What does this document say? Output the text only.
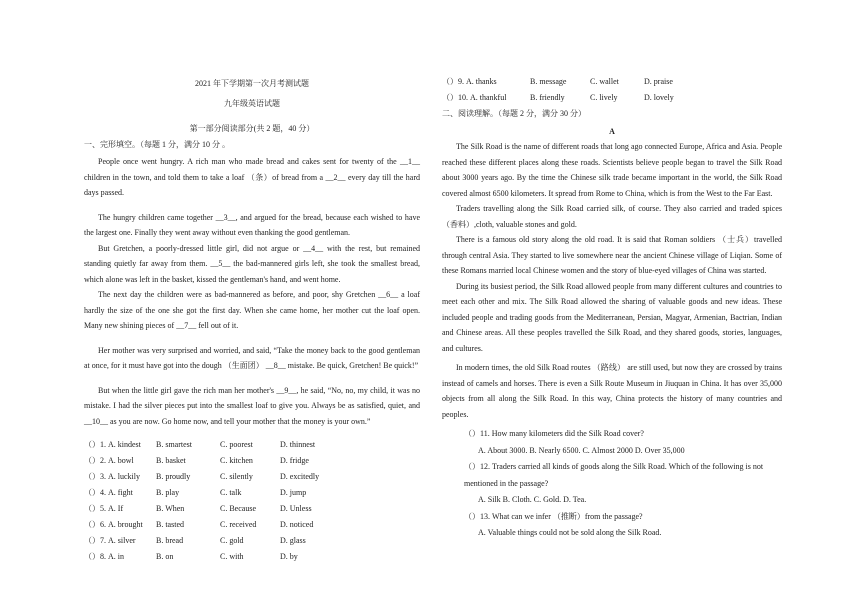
2021 年下学期第一次月考测试题
九年级英语试题
第一部分阅读部分(共 2 题，40 分）
一、完形填空。（每题 1 分，满分 10 分 。

People once went hungry. A rich man who made bread and cakes sent for twenty of the __1__ children in the town, and told them to take a loaf （条）of bread from a __2__ every day till the hard days passed.

The hungry children came together __3__, and argued for the bread, because each wished to have the largest one. Finally they went away without even thanking the good gentleman.

But Gretchen, a poorly-dressed little girl, did not argue or __4__ with the rest, but remained standing quietly far away from them. __5__ the bad-mannered girls left, she took the smallest bread, which alone was left in the basket, kissed the gentleman's hand, and went home.

The next day the children were as bad-mannered as before, and poor, shy Gretchen __6__ a loaf hardly the size of the one she got the first day. When she came home, her mother cut the loaf open. Many new shining pieces of __7__ fell out of it.

Her mother was very surprised and worried, and said, “Take the money back to the good gentleman at once, for it must have got into the dough （生面团） __8__ mistake. Be quick, Gretchen! Be quick!”

But when the little girl gave the rich man her mother's __9__, he said, “No, no, my child, it was no mistake. I had the silver pieces put into the smallest loaf to give you. Always be as satisfied, quiet, and __10__ as you are now. Go home now, and tell your mother that the money is your own.”

（）1. A. kindest	B. smartest	C. poorest	D. thinnest
（）2. A. bowl	B. basket	C. kitchen	D. fridge
（）3. A. luckily	B. proudly	C. silently	D. excitedly
（）4. A. fight	B. play	C. talk	D. jump
（）5. A. If	B. When	C. Because	D. Unless
（）6. A. brought	B. tasted	C. received	D. noticed
（）7. A. silver	B. bread	C. gold	D. glass
（）8. A. in	B. on	C. with	D. by
（）9. A. thanks	B. message	C. wallet	D. praise
（）10. A. thankful	B. friendly	C. lively	D. lovely
二、阅读理解。（每题 2 分，满分 30 分）
A

The Silk Road is the name of different roads that long ago connected Europe, Africa and Asia. People reached these different places along these roads. Scientists believe people began to travel the Silk Road about 3000 years ago. By the time the Chinese silk trade became important in the world, the Silk Road covered almost 6500 kilometers. It spread from Rome to China, which is from the West to the Far East.

Traders travelling along the Silk Road carried silk, of course. They also carried and traded spices （香料）,cloth, valuable stones and gold.

There is a famous old story along the old road. It is said that Roman soldiers （士兵）travelled through central Asia. They started to live somewhere near the ancient Chinese village of Liqian. Some of these Romans married local Chinese women and the story of blue-eyed villages of China was started.

During its busiest period, the Silk Road allowed people from many different cultures and countries to meet each other and mix. The Silk Road allowed the sharing of valuable goods and new ideas. These included people and trading goods from the Mediterranean, Persian, Magyar, Armenian, Bactrian, Indian and Chinese areas. All these peoples travelled the Silk Road, and they shared goods, stories, languages, and cultures.

In modern times, the old Silk Road routes （路线） are still used, but now they are crossed by trains instead of camels and horses. There is even a Silk Route Museum in Jiuquan in China. It has over 35,000 objects from all along the Silk Road. In this way, China protects the history of many countries and peoples.

（）11. How many kilometers did the Silk Road cover?
A. About 3000. B. Nearly 6500. C. Almost 2000 D. Over 35,000
（）12. Traders carried all kinds of goods along the Silk Road. Which of the following is not mentioned in the passage?
A. Silk B. Cloth. C. Gold. D. Tea.
（）13. What can we infer （推断）from the passage?
A. Valuable things could not be sold along the Silk Road.
